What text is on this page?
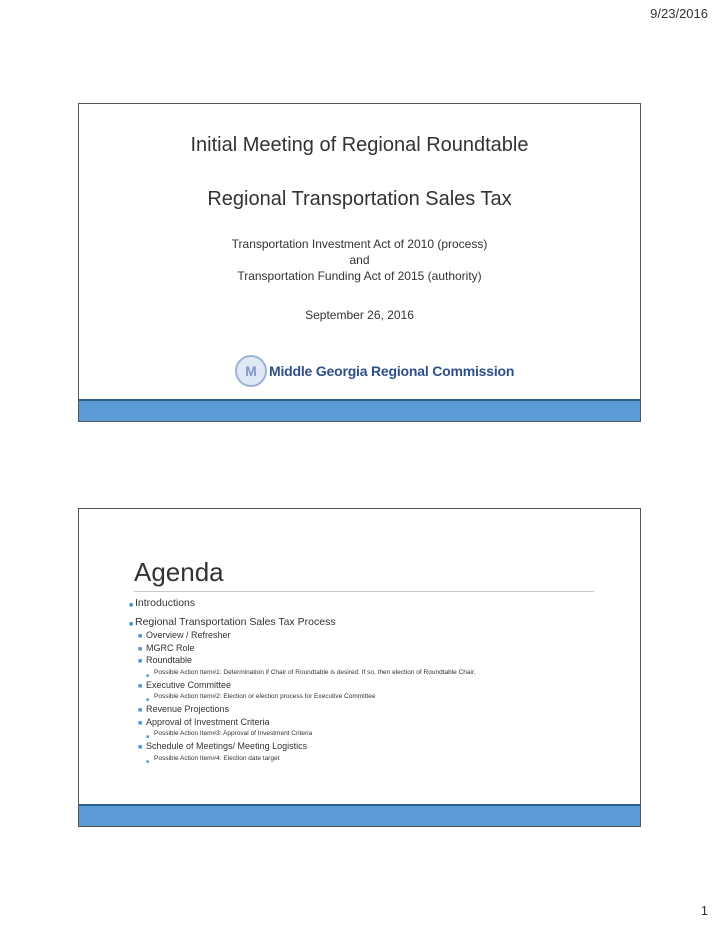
9/23/2016
Initial Meeting of Regional Roundtable
Regional Transportation Sales Tax
Transportation Investment Act of 2010 (process)
and
Transportation Funding Act of 2015 (authority)
September 26, 2016
M Middle Georgia Regional Commission
Agenda
■ Introductions
■ Regional Transportation Sales Tax Process
■ Overview / Refresher
■ MGRC Role
■ Roundtable
■ Possible Action Item#1: Determination if Chair of Roundtable is desired. If so, then election of Roundtable Chair.
■ Executive Committee
■ Possible Action Item#2: Election or election process for Executive Committee
■ Revenue Projections
■ Approval of Investment Criteria
■ Possible Action Item#3: Approval of Investment Criteria
■ Schedule of Meetings/ Meeting Logistics
■ Possible Action Item#4: Election date target
1
